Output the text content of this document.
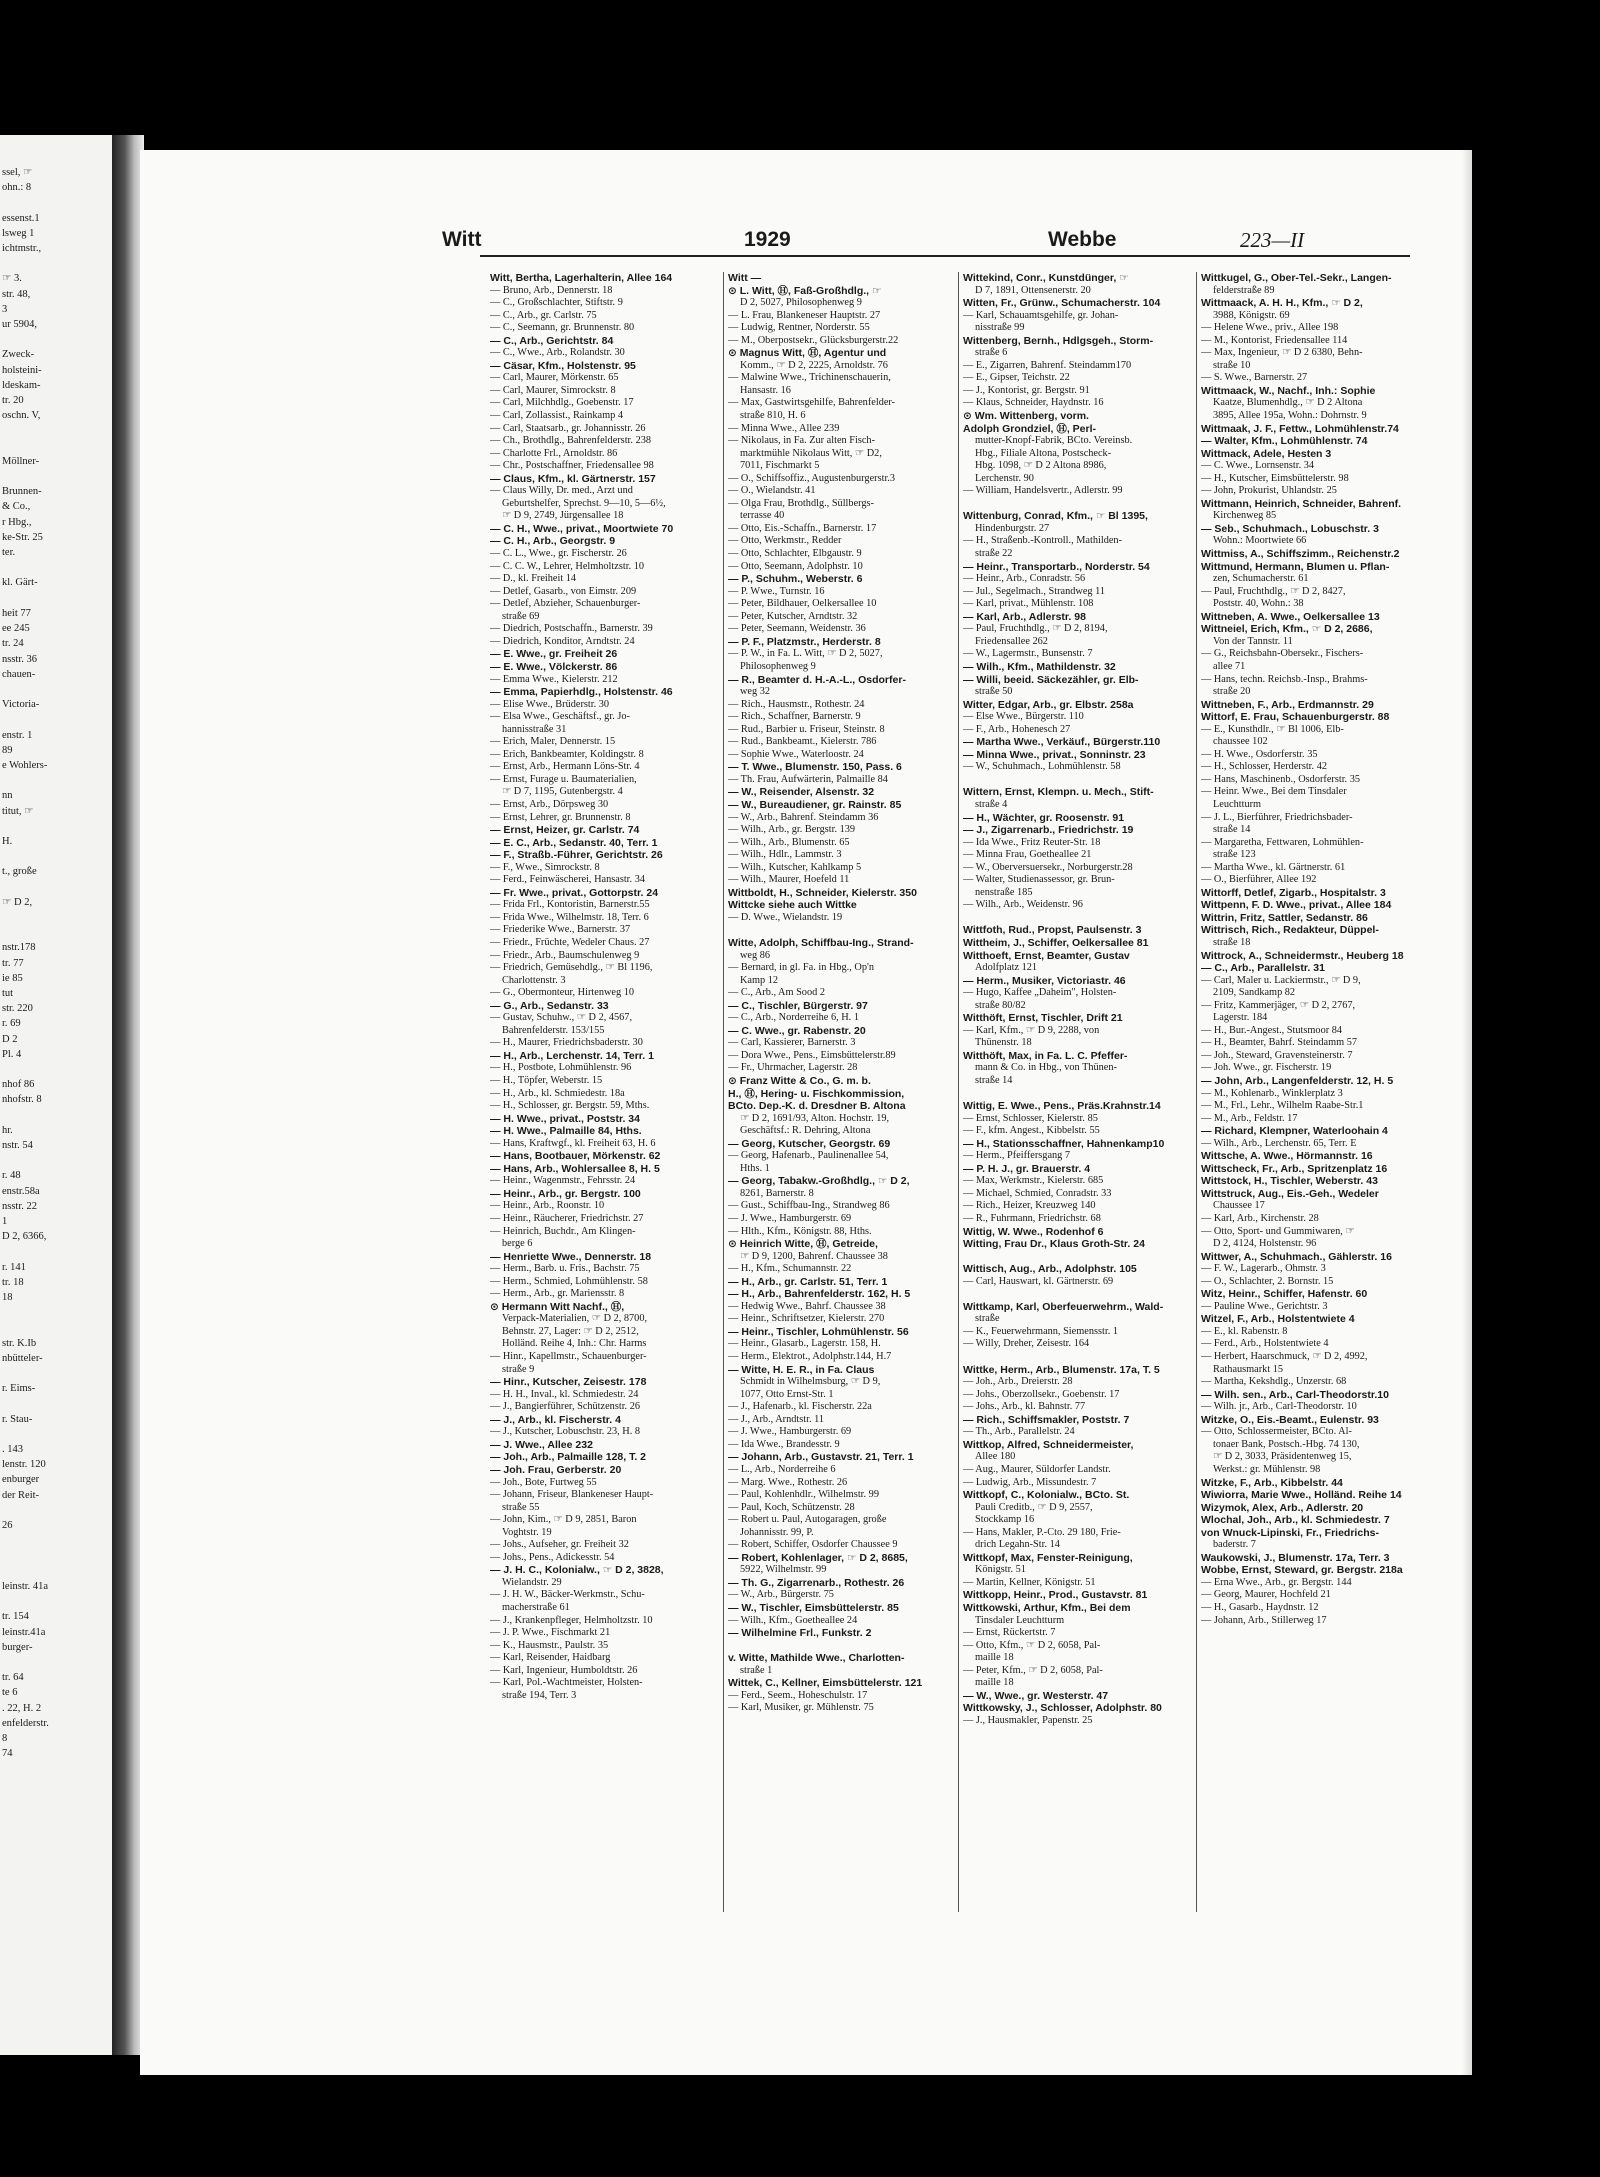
ssel, ☞
ohn.: 8

essenst.1
lsweg 1
ichtmstr.,

☞ 3.
str. 48,
3
ur 5904,

Zweck-
holsteini-
ldeskam-
tr. 20
oschn. V,

Möllner-

Brunnen-
& Co.,
r Hbg.,
ke-Str. 25
ter.

kl. Gärt-

heit 77
ee 245
tr. 24
nsstr. 36
chauen-

Victoria-

enstr. 1
89
e Wohlers-

nn
titut, ☞

H.

t., große

☞ D 2,

nstr.178
tr. 77
ie 85
tut
str. 220
r. 69
D 2
Pl. 4

nhof 86
nhofstr. 8

hr.
nstr. 54

r. 48
enstr.58a
nsstr. 22
1
D 2, 6366,

r. 141
tr. 18
18

str. K.Ib
nbütteler-

r. Eims-

r. Stau-

. 143
lenstr. 120
enburger
der Reit-

26

leinstr. 41a

tr. 154
leinstr.41a
burger-

tr. 64
te 6
. 22, H. 2
enfelderstr.
8
74
Witt	1929	Webbe	223—II
Witt, Bertha, Lagerhalterin, Allee 164
— Bruno, Arb., Dennerstr. 18
— C., Großschlachter, Stiftstr. 9
— C., Arb., gr. Carlstr. 75
— C., Seemann, gr. Brunnenstr. 80
— C., Arb., Gerichtstr. 84
— C., Wwe., Arb., Rolandstr. 30
— Cäsar, Kfm., Holstenstr. 95
— Carl, Maurer, Mörkenstr. 65
— Carl, Maurer, Simrockstr. 8
— Carl, Milchhdlg., Goebenstr. 17
— Carl, Zollassist., Rainkamp 4
— Carl, Staatsarb., gr. Johannisstr. 26
— Ch., Brothdlg., Bahrenfelderstr. 238
— Charlotte Frl., Arnoldstr. 86
— Chr., Postschaffner, Friedensallee 98
— Claus, Kfm., kl. Gärtnerstr. 157
— Claus Willy, Dr. med., Arzt und
Geburtshelfer, Sprechst. 9—10, 5—6½,
☞ D 9, 2749, Jürgensallee 18
— C. H., Wwe., privat., Moortwiete 70
— C. H., Arb., Georgstr. 9
— C. L., Wwe., gr. Fischerstr. 26
— C. C. W., Lehrer, Helmholtzstr. 10
— D., kl. Freiheit 14
— Detlef, Gasarb., von Eimstr. 209
— Detlef, Abzieher, Schauenburger-
straße 69
— Diedrich, Postschaffn., Barnerstr. 39
— Diedrich, Konditor, Arndtstr. 24
— E. Wwe., gr. Freiheit 26
— E. Wwe., Völckerstr. 86
— Emma Wwe., Kielerstr. 212
— Emma, Papierhdlg., Holstenstr. 46
— Elise Wwe., Brüderstr. 30
— Elsa Wwe., Geschäftsf., gr. Jo-
hannisstraße 31
— Erich, Maler, Dennerstr. 15
— Erich, Bankbeamter, Koldingstr. 8
— Ernst, Arb., Hermann Löns-Str. 4
— Ernst, Furage u. Baumaterialien,
☞ D 7, 1195, Gutenbergstr. 4
— Ernst, Arb., Dörpsweg 30
— Ernst, Lehrer, gr. Brunnenstr. 8
— Ernst, Heizer, gr. Carlstr. 74
— E. C., Arb., Sedanstr. 40, Terr. 1
— F., Straßb.-Führer, Gerichtstr. 26
— F., Wwe., Simrockstr. 8
— Ferd., Feinwäscherei, Hansastr. 34
— Fr. Wwe., privat., Gottorpstr. 24
— Frida Frl., Kontoristin, Barnerstr.55
— Frida Wwe., Wilhelmstr. 18, Terr. 6
— Friederike Wwe., Barnerstr. 37
— Friedr., Früchte, Wedeler Chaus. 27
— Friedr., Arb., Baumschulenweg 9
— Friedrich, Gemüsehdlg., ☞ Bl 1196,
Charlottenstr. 3
— G., Obermonteur, Hirtenweg 10
— G., Arb., Sedanstr. 33
— Gustav, Schuhw., ☞ D 2, 4567,
Bahrenfelderstr. 153/155
— H., Maurer, Friedrichsbaderstr. 30
— H., Arb., Lerchenstr. 14, Terr. 1
— H., Postbote, Lohmühlenstr. 96
— H., Töpfer, Weberstr. 15
— H., Arb., kl. Schmiedestr. 18a
— H., Schlosser, gr. Bergstr. 59, Mths.
— H. Wwe., privat., Poststr. 34
— H. Wwe., Palmaille 84, Hths.
— Hans, Kraftwgf., kl. Freiheit 63, H. 6
— Hans, Bootbauer, Mörkenstr. 62
— Hans, Arb., Wohlersallee 8, H. 5
— Heinr., Wagenmstr., Fehrsstr. 24
— Heinr., Arb., gr. Bergstr. 100
— Heinr., Arb., Roonstr. 10
— Heinr., Räucherer, Friedrichstr. 27
— Heinrich, Buchdr., Am Klingen-
berge 6
— Henriette Wwe., Dennerstr. 18
— Herm., Barb. u. Fris., Bachstr. 75
— Herm., Schmied, Lohmühlenstr. 58
— Herm., Arb., gr. Mariensstr. 8
⊙ Hermann Witt Nachf., Ⓗ,
Verpack-Materialien, ☞ D 2, 8700,
Behnstr. 27, Lager: ☞ D 2, 2512,
Holländ. Reihe 4, Inh.: Chr. Harms
— Hinr., Kapellmstr., Schauenburger-
straße 9
— Hinr., Kutscher, Zeisestr. 178
— H. H., Inval., kl. Schmiedestr. 24
— J., Bangierführer, Schützenstr. 26
— J., Arb., kl. Fischerstr. 4
— J., Kutscher, Lobuschstr. 23, H. 8
— J. Wwe., Allee 232
— Joh., Arb., Palmaille 128, T. 2
— Joh. Frau, Gerberstr. 20
— Joh., Bote, Furtweg 55
— Johann, Friseur, Blankeneser Haupt-
straße 55
— John, Kim., ☞ D 9, 2851, Baron
Voghtstr. 19
— Johs., Aufseher, gr. Freiheit 32
— Johs., Pens., Adickesstr. 54
— J. H. C., Kolonialw., ☞ D 2, 3828,
Wielandstr. 29
— J. H. W., Bäcker-Werkmstr., Schu-
macherstraße 61
— J., Krankenpfleger, Helmholtzstr. 10
— J. P. Wwe., Fischmarkt 21
— K., Hausmstr., Paulstr. 35
— Karl, Reisender, Haidbarg
— Karl, Ingenieur, Humboldtstr. 26
— Karl, Pol.-Wachtmeister, Holsten-
straße 194, Terr. 3
Witt —
⊙ L. Witt, Ⓗ, Faß-Großhdlg., ☞
D 2, 5027, Philosophenweg 9
— L. Frau, Blankeneser Hauptstr. 27
— Ludwig, Rentner, Norderstr. 55
— M., Oberpostsekr., Glücksburgerstr.22
⊙ Magnus Witt, Ⓗ, Agentur und
Komm., ☞ D 2, 2225, Arnoldstr. 76
— Malwine Wwe., Trichinenschauerin,
Hansastr. 16
— Max, Gastwirtsgehilfe, Bahrenfelder-
straße 810, H. 6
— Minna Wwe., Allee 239
— Nikolaus, in Fa. Zur alten Fisch-
marktmühle Nikolaus Witt, ☞ D2,
7011, Fischmarkt 5
— O., Schiffsoffiz., Augustenburgerstr.3
— O., Wielandstr. 41
— Olga Frau, Brothdlg., Süllbergs-
terrasse 40
— Otto, Eis.-Schaffn., Barnerstr. 17
— Otto, Werkmstr., Redder
— Otto, Schlachter, Elbgaustr. 9
— Otto, Seemann, Adolphstr. 10
— P., Schuhm., Weberstr. 6
— P. Wwe., Turnstr. 16
— Peter, Bildhauer, Oelkersallee 10
— Peter, Kutscher, Arndtstr. 32
— Peter, Seemann, Weidenstr. 36
— P. F., Platzmstr., Herderstr. 8
— P. W., in Fa. L. Witt, ☞ D 2, 5027,
Philosophenweg 9
— R., Beamter d. H.-A.-L., Osdorfer-
weg 32
— Rich., Hausmstr., Rothestr. 24
— Rich., Schaffner, Barnerstr. 9
— Rud., Barbier u. Friseur, Steinstr. 8
— Rud., Bankbeamt., Kielerstr. 786
— Sophie Wwe., Waterloostr. 24
— T. Wwe., Blumenstr. 150, Pass. 6
— Th. Frau, Aufwärterin, Palmaille 84
— W., Reisender, Alsenstr. 32
— W., Bureaudiener, gr. Rainstr. 85
— W., Arb., Bahrenf. Steindamm 36
— Wilh., Arb., gr. Bergstr. 139
— Wilh., Arb., Blumenstr. 65
— Wilh., Hdlr., Lammstr. 3
— Wilh., Kutscher, Kahlkamp 5
— Wilh., Maurer, Hoefeld 11
Wittboldt, H., Schneider, Kielerstr. 350
Wittcke siehe auch Wittke
— D. Wwe., Wielandstr. 19

Witte, Adolph, Schiffbau-Ing., Strand-
weg 86
— Bernard, in gl. Fa. in Hbg., Op'n
Kamp 12
— C., Arb., Am Sood 2
— C., Tischler, Bürgerstr. 97
— C., Arb., Norderreihe 6, H. 1
— C. Wwe., gr. Rabenstr. 20
— Carl, Kassierer, Barnerstr. 3
— Dora Wwe., Pens., Eimsbüttelerstr.89
— Fr., Uhrmacher, Lagerstr. 28
⊙ Franz Witte & Co., G. m. b.
H., Ⓗ, Hering- u. Fischkommission,
BCto. Dep.-K. d. Dresdner B. Altona
☞ D 2, 1691/93, Alton. Hochstr. 19,
Geschäftsf.: R. Dehring, Altona
— Georg, Kutscher, Georgstr. 69
— Georg, Hafenarb., Paulinenallee 54,
Hths. 1
— Georg, Tabakw.-Großhdlg., ☞ D 2,
8261, Barnerstr. 8
— Gust., Schiffbau-Ing., Strandweg 86
— J. Wwe., Hamburgerstr. 69
— Hlth., Kfm., Königstr. 88, Hths.
⊙ Heinrich Witte, Ⓗ, Getreide,
☞ D 9, 1200, Bahrenf. Chaussee 38
— H., Kfm., Schumannstr. 22
— H., Arb., gr. Carlstr. 51, Terr. 1
— H., Arb., Bahrenfelderstr. 162, H. 5
— Hedwig Wwe., Bahrf. Chaussee 38
— Heinr., Schriftsetzer, Kielerstr. 270
— Heinr., Tischler, Lohmühlenstr. 56
— Heinr., Glasarb., Lagerstr. 158, H.
— Herm., Elektrot., Adolphstr.144, H.7
— Witte, H. E. R., in Fa. Claus
Schmidt in Wilhelmsburg, ☞ D 9,
1077, Otto Ernst-Str. 1
— J., Hafenarb., kl. Fischerstr. 22a
— J., Arb., Arndtstr. 11
— J. Wwe., Hamburgerstr. 69
— Ida Wwe., Brandesstr. 9
— Johann, Arb., Gustavstr. 21, Terr. 1
— L., Arb., Norderreihe 6
— Marg. Wwe., Rothestr. 26
— Paul, Kohlenhdlr., Wilhelmstr. 99
— Paul, Koch, Schützenstr. 28
— Robert u. Paul, Autogaragen, große
Johannisstr. 99, P.
— Robert, Schiffer, Osdorfer Chaussee 9
— Robert, Kohlenlager, ☞ D 2, 8685,
5922, Wilhelmstr. 99
— Th. G., Zigarrenarb., Rothestr. 26
— W., Arb., Bürgerstr. 75
— W., Tischler, Eimsbüttelerstr. 85
— Wilh., Kfm., Goetheallee 24
— Wilhelmine Frl., Funkstr. 2

v. Witte, Mathilde Wwe., Charlotten-
straße 1
Wittek, C., Kellner, Eimsbüttelerstr. 121
— Ferd., Seem., Hoheschulstr. 17
— Karl, Musiker, gr. Mühlenstr. 75
Wittekind, Conr., Kunstdünger, ☞
D 7, 1891, Ottensenerstr. 20
Witten, Fr., Grünw., Schumacherstr. 104
— Karl, Schauamtsgehilfe, gr. Johan-
nisstraße 99
Wittenberg, Bernh., Hdlgsgeh., Storm-
straße 6
— E., Zigarren, Bahrenf. Steindamm170
— E., Gipser, Teichstr. 22
— J., Kontorist, gr. Bergstr. 91
— Klaus, Schneider, Haydnstr. 16
⊙ Wm. Wittenberg, vorm.
Adolph Grondziel, Ⓗ, Perl-
mutter-Knopf-Fabrik, BCto. Vereinsb.
Hbg., Filiale Altona, Postscheck-
Hbg. 1098, ☞ D 2 Altona 8986,
Lerchenstr. 90
— William, Handelsvertr., Adlerstr. 99

Wittenburg, Conrad, Kfm., ☞ Bl 1395,
Hindenburgstr. 27
— H., Straßenb.-Kontroll., Mathilden-
straße 22
— Heinr., Transportarb., Norderstr. 54
— Heinr., Arb., Conradstr. 56
— Jul., Segelmach., Strandweg 11
— Karl, privat., Mühlenstr. 108
— Karl, Arb., Adlerstr. 98
— Paul, Fruchthdlg., ☞ D 2, 8194,
Friedensallee 262
— W., Lagermstr., Bunsenstr. 7
— Wilh., Kfm., Mathildenstr. 32
— Willi, beeid. Säckezähler, gr. Elb-
straße 50
Witter, Edgar, Arb., gr. Elbstr. 258a
— Else Wwe., Bürgerstr. 110
— F., Arb., Hohenesch 27
— Martha Wwe., Verkäuf., Bürgerstr.110
— Minna Wwe., privat., Sonninstr. 23
— W., Schuhmach., Lohmühlenstr. 58

Wittern, Ernst, Klempn. u. Mech., Stift-
straße 4
— H., Wächter, gr. Roosenstr. 91
— J., Zigarrenarb., Friedrichstr. 19
— Ida Wwe., Fritz Reuter-Str. 18
— Minna Frau, Goetheallee 21
— W., Oberversuersekr., Norburgerstr.28
— Walter, Studienassessor, gr. Brun-
nenstraße 185
— Wilh., Arb., Weidenstr. 96

Wittfoth, Rud., Propst, Paulsenstr. 3
Wittheim, J., Schiffer, Oelkersallee 81
Witthoeft, Ernst, Beamter, Gustav
Adolfplatz 121
— Herm., Musiker, Victoriastr. 46
— Hugo, Kaffee „Daheim", Holsten-
straße 80/82
Witthöft, Ernst, Tischler, Drift 21
— Karl, Kfm., ☞ D 9, 2288, von
Thünenstr. 18
Witthöft, Max, in Fa. L. C. Pfeffer-
mann & Co. in Hbg., von Thünen-
straße 14

Wittig, E. Wwe., Pens., Präs.Krahnstr.14
— Ernst, Schlosser, Kielerstr. 85
— F., kfm. Angest., Kibbelstr. 55
— H., Stationsschaffner, Hahnenkamp10
— Herm., Pfeiffersgang 7
— P. H. J., gr. Brauerstr. 4
— Max, Werkmstr., Kielerstr. 685
— Michael, Schmied, Conradstr. 33
— Rich., Heizer, Kreuzweg 140
— R., Fuhrmann, Friedrichstr. 68
Wittig, W. Wwe., Rodenhof 6
Witting, Frau Dr., Klaus Groth-Str. 24

Wittisch, Aug., Arb., Adolphstr. 105
— Carl, Hauswart, kl. Gärtnerstr. 69

Wittkamp, Karl, Oberfeuerwehrm., Wald-
straße
— K., Feuerwehrmann, Siemensstr. 1
— Willy, Dreher, Zeisestr. 164

Wittke, Herm., Arb., Blumenstr. 17a, T. 5
— Joh., Arb., Dreierstr. 28
— Johs., Oberzollsekr., Goebenstr. 17
— Johs., Arb., kl. Bahnstr. 77
— Rich., Schiffsmakler, Poststr. 7
— Th., Arb., Parallelstr. 24
Wittkop, Alfred, Schneidermeister,
Allee 180
— Aug., Maurer, Süldorfer Landstr.
— Ludwig, Arb., Missundestr. 7
Wittkopf, C., Kolonialw., BCto. St.
Pauli Creditb., ☞ D 9, 2557,
Stockkamp 16
— Hans, Makler, P.-Cto. 29 180, Frie-
drich Legahn-Str. 14
Wittkopf, Max, Fenster-Reinigung,
Königstr. 51
— Martin, Kellner, Königstr. 51
Wittkopp, Heinr., Prod., Gustavstr. 81
Wittkowski, Arthur, Kfm., Bei dem
Tinsdaler Leuchtturm
— Ernst, Rückertstr. 7
— Otto, Kfm., ☞ D 2, 6058, Pal-
maille 18
— Peter, Kfm., ☞ D 2, 6058, Pal-
maille 18
— W., Wwe., gr. Westerstr. 47
Wittkowsky, J., Schlosser, Adolphstr. 80
— J., Hausmakler, Papenstr. 25
Wittkugel, G., Ober-Tel.-Sekr., Langen-
felderstraße 89
Wittmaack, A. H. H., Kfm., ☞ D 2,
3988, Königstr. 69
— Helene Wwe., priv., Allee 198
— M., Kontorist, Friedensallee 114
— Max, Ingenieur, ☞ D 2 6380, Behn-
straße 10
— S. Wwe., Barnerstr. 27
Wittmaack, W., Nachf., Inh.: Sophie
Kaatze, Blumenhdlg., ☞ D 2 Altona
3895, Allee 195a, Wohn.: Dohrnstr. 9
Wittmaak, J. F., Fettw., Lohmühlenstr.74
— Walter, Kfm., Lohmühlenstr. 74
Wittmack, Adele, Hesten 3
— C. Wwe., Lornsenstr. 34
— H., Kutscher, Eimsbüttelerstr. 98
— John, Prokurist, Uhlandstr. 25
Wittmann, Heinrich, Schneider, Bahrenf.
Kirchenweg 85
— Seb., Schuhmach., Lobuschstr. 3
Wohn.: Moortwiete 66
Wittmiss, A., Schiffszimm., Reichenstr.2
Wittmund, Hermann, Blumen u. Pflan-
zen, Schumacherstr. 61
— Paul, Fruchthdlg., ☞ D 2, 8427,
Poststr. 40, Wohn.: 38
Wittneben, A. Wwe., Oelkersallee 13
Wittneiel, Erich, Kfm., ☞ D 2, 2686,
Von der Tannstr. 11
— G., Reichsbahn-Obersekr., Fischers-
allee 71
— Hans, techn. Reichsb.-Insp., Brahms-
straße 20
Wittneben, F., Arb., Erdmannstr. 29
Wittorf, E. Frau, Schauenburgerstr. 88
— E., Kunsthdlr., ☞ Bl 1006, Elb-
chaussee 102
— H. Wwe., Osdorferstr. 35
— H., Schlosser, Herderstr. 42
— Hans, Maschinenb., Osdorferstr. 35
— Heinr. Wwe., Bei dem Tinsdaler
Leuchtturm
— J. L., Bierführer, Friedrichsbader-
straße 14
— Margaretha, Fettwaren, Lohmühlen-
straße 123
— Martha Wwe., kl. Gärtnerstr. 61
— O., Bierführer, Allee 192
Wittorff, Detlef, Zigarb., Hospitalstr. 3
Wittpenn, F. D. Wwe., privat., Allee 184
Wittrin, Fritz, Sattler, Sedanstr. 86
Wittrisch, Rich., Redakteur, Düppel-
straße 18
Wittrock, A., Schneidermstr., Heuberg 18
— C., Arb., Parallelstr. 31
— Carl, Maler u. Lackiermstr., ☞ D 9,
2109, Sandkamp 82
— Fritz, Kammerjäger, ☞ D 2, 2767,
Lagerstr. 184
— H., Bur.-Angest., Stutsmoor 84
— H., Beamter, Bahrf. Steindamm 57
— Joh., Steward, Gravensteinerstr. 7
— Joh. Wwe., gr. Fischerstr. 19
— John, Arb., Langenfelderstr. 12, H. 5
— M., Kohlenarb., Winklerplatz 3
— M., Frl., Lehr., Wilhelm Raabe-Str.1
— M., Arb., Feldstr. 17
— Richard, Klempner, Waterloohain 4
— Wilh., Arb., Lerchenstr. 65, Terr. E
Wittsche, A. Wwe., Hörmannstr. 16
Wittscheck, Fr., Arb., Spritzenplatz 16
Wittstock, H., Tischler, Weberstr. 43
Wittstruck, Aug., Eis.-Geh., Wedeler
Chaussee 17
— Karl, Arb., Kirchenstr. 28
— Otto, Sport- und Gummiwaren, ☞
D 2, 4124, Holstenstr. 96
Wittwer, A., Schuhmach., Gählerstr. 16
— F. W., Lagerarb., Ohmstr. 3
— O., Schlachter, 2. Bornstr. 15
Witz, Heinr., Schiffer, Hafenstr. 60
— Pauline Wwe., Gerichtstr. 3
Witzel, F., Arb., Holstentwiete 4
— E., kl. Rabenstr. 8
— Ferd., Arb., Holstentwiete 4
— Herbert, Haarschmuck, ☞ D 2, 4992,
Rathausmarkt 15
— Martha, Kekshdlg., Unzerstr. 68
— Wilh. sen., Arb., Carl-Theodorstr.10
— Wilh. jr., Arb., Carl-Theodorstr. 10
Witzke, O., Eis.-Beamt., Eulenstr. 93
— Otto, Schlossermeister, BCto. Al-
tonaer Bank, Postsch.-Hbg. 74 130,
☞ D 2, 3033, Präsidentenweg 15,
Werkst.: gr. Mühlenstr. 98
Witzke, F., Arb., Kibbelstr. 44
Wiwiorra, Marie Wwe., Holländ. Reihe 14
Wizymok, Alex, Arb., Adlerstr. 20
Wlochal, Joh., Arb., kl. Schmiedestr. 7
von Wnuck-Lipinski, Fr., Friedrichs-
baderstr. 7
Waukowski, J., Blumenstr. 17a, Terr. 3
Wobbe, Ernst, Steward, gr. Bergstr. 218a
— Erna Wwe., Arb., gr. Bergstr. 144
— Georg, Maurer, Hochfeld 21
— H., Gasarb., Haydnstr. 12
— Johann, Arb., Stillerweg 17
